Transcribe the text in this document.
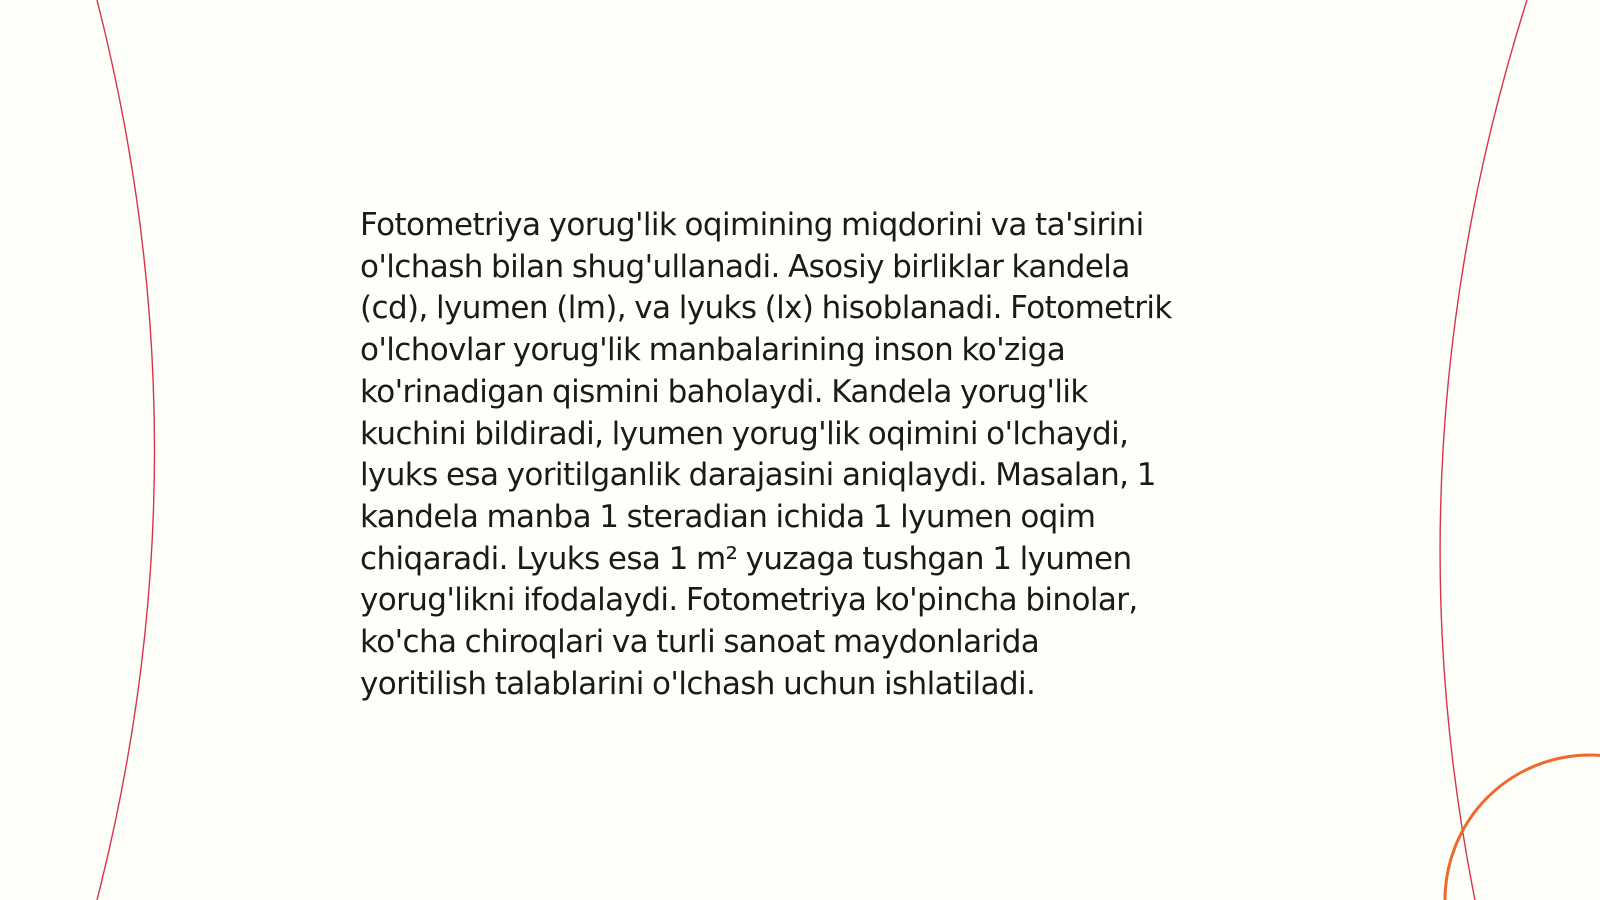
Fotometriya yorug'lik oqimining miqdorini va ta'sirini
o'lchash bilan shug'ullanadi. Asosiy birliklar kandela
(cd), lyumen (lm), va lyuks (lx) hisoblanadi. Fotometrik
o'lchovlar yorug'lik manbalarining inson ko'ziga
ko'rinadigan qismini baholaydi. Kandela yorug'lik
kuchini bildiradi, lyumen yorug'lik oqimini o'lchaydi,
lyuks esa yoritilganlik darajasini aniqlaydi. Masalan, 1
kandela manba 1 steradian ichida 1 lyumen oqim
chiqaradi. Lyuks esa 1 m² yuzaga tushgan 1 lyumen
yorug'likni ifodalaydi. Fotometriya ko'pincha binolar,
ko'cha chiroqlari va turli sanoat maydonlarida
yoritilish talablarini o'lchash uchun ishlatiladi.
